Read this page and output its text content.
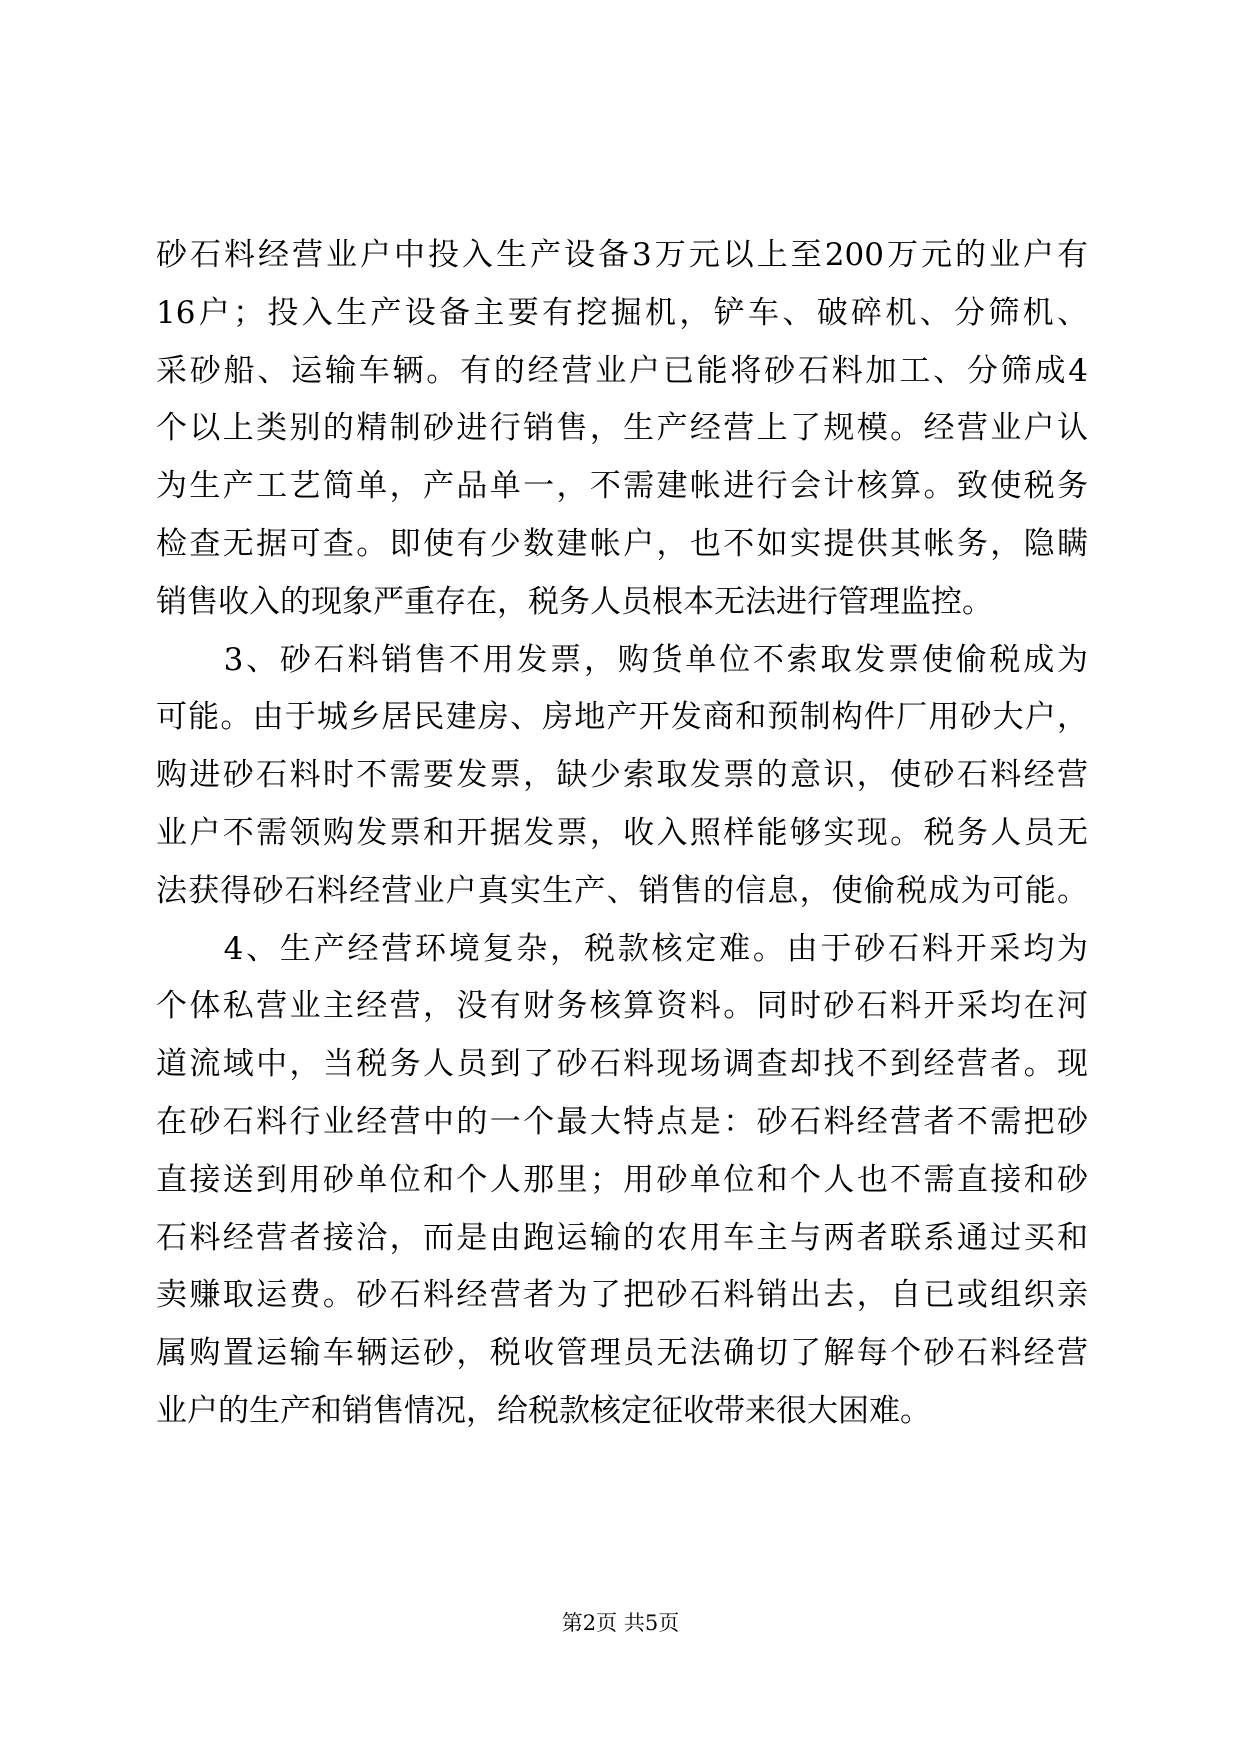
砂石料经营业户中投入生产设备3万元以上至200万元的业户有
16户；投入生产设备主要有挖掘机，铲车、破碎机、分筛机、
采砂船、运输车辆。有的经营业户已能将砂石料加工、分筛成4
个以上类别的精制砂进行销售，生产经营上了规模。经营业户认
为生产工艺简单，产品单一，不需建帐进行会计核算。致使税务
检查无据可查。即使有少数建帐户，也不如实提供其帐务，隐瞒
销售收入的现象严重存在，税务人员根本无法进行管理监控。
　　3、砂石料销售不用发票，购货单位不索取发票使偷税成为
可能。由于城乡居民建房、房地产开发商和预制构件厂用砂大户，
购进砂石料时不需要发票，缺少索取发票的意识，使砂石料经营
业户不需领购发票和开据发票，收入照样能够实现。税务人员无
法获得砂石料经营业户真实生产、销售的信息，使偷税成为可能。
　　4、生产经营环境复杂，税款核定难。由于砂石料开采均为
个体私营业主经营，没有财务核算资料。同时砂石料开采均在河
道流域中，当税务人员到了砂石料现场调查却找不到经营者。现
在砂石料行业经营中的一个最大特点是：砂石料经营者不需把砂
直接送到用砂单位和个人那里；用砂单位和个人也不需直接和砂
石料经营者接洽，而是由跑运输的农用车主与两者联系通过买和
卖赚取运费。砂石料经营者为了把砂石料销出去，自已或组织亲
属购置运输车辆运砂，税收管理员无法确切了解每个砂石料经营
业户的生产和销售情况，给税款核定征收带来很大困难。
第2页 共5页
